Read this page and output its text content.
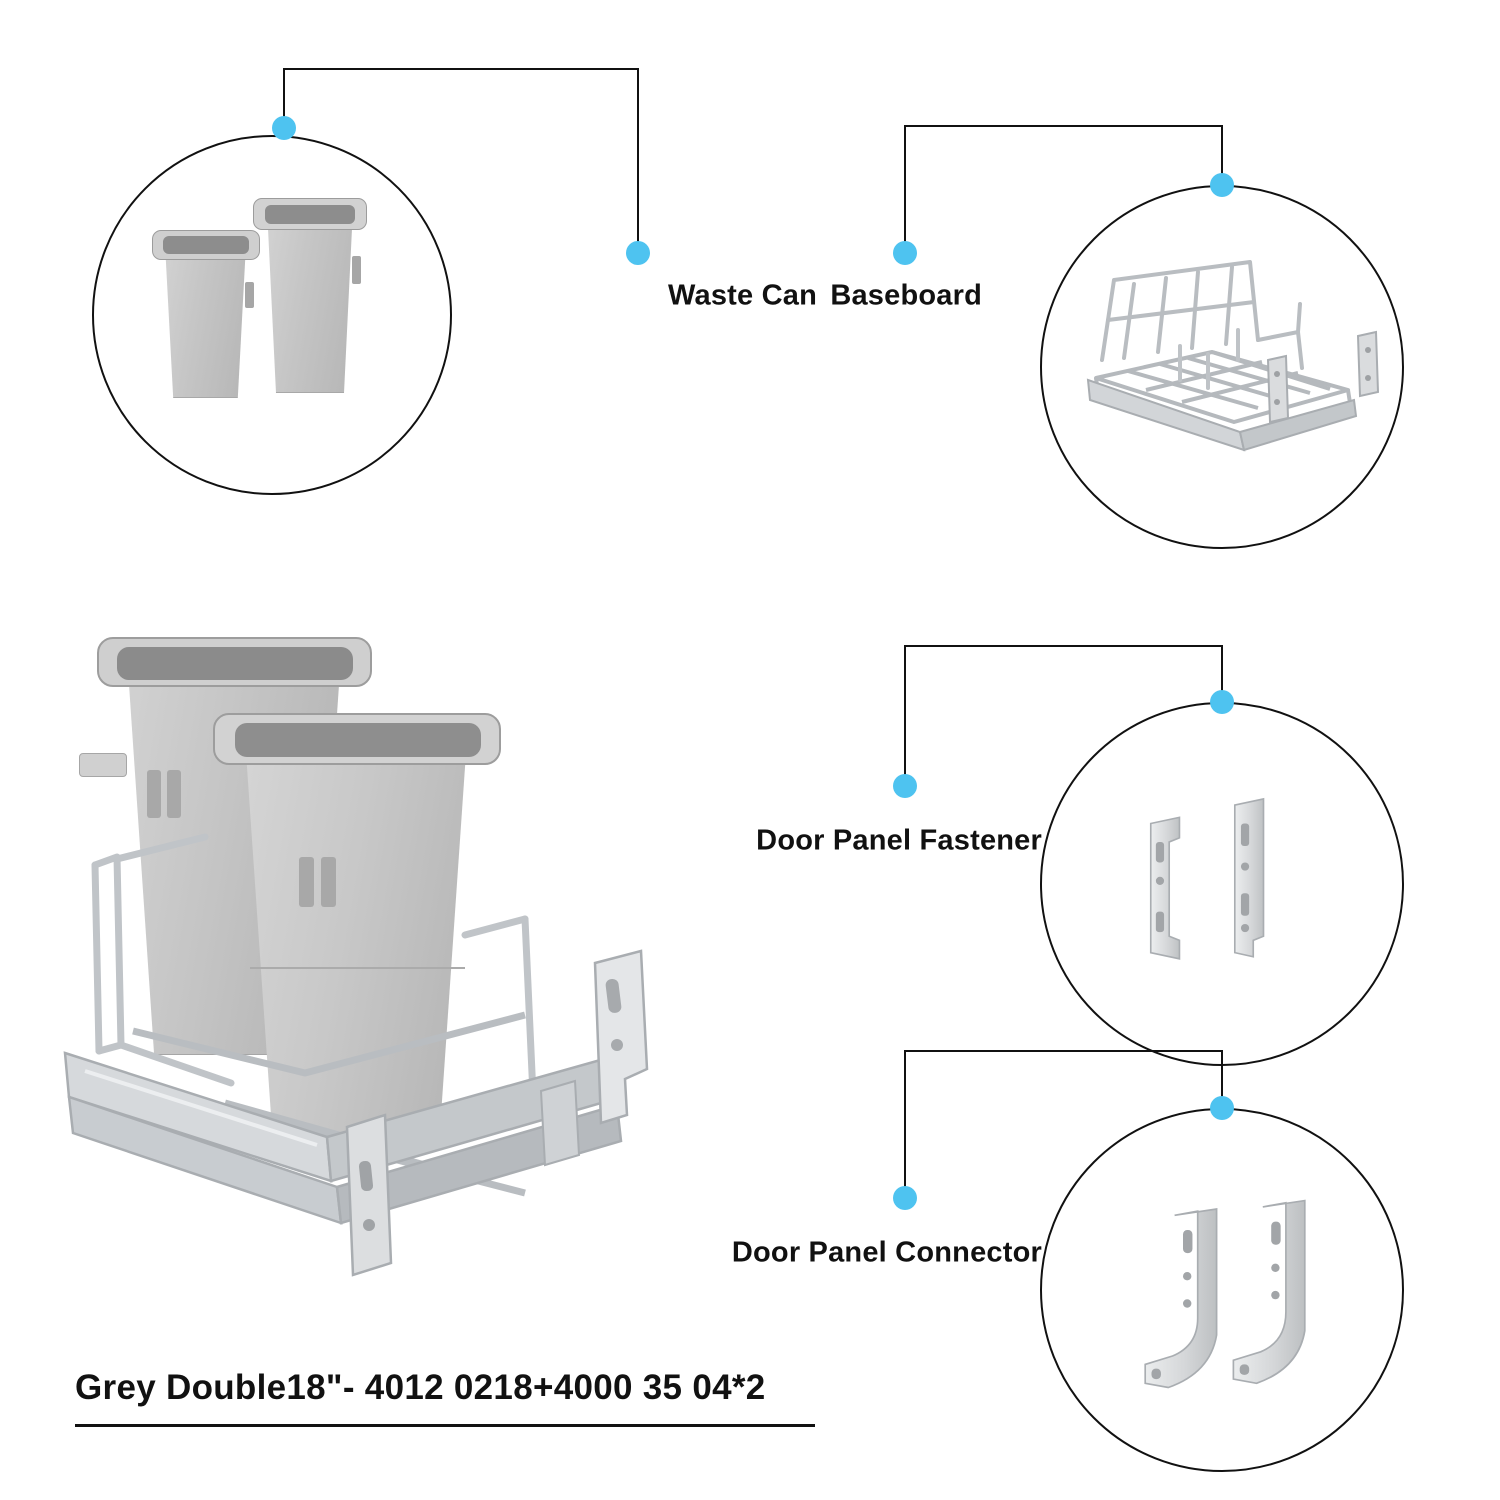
Waste Can Baseboard
Door Panel Fastener
Door Panel Connector
Grey Double18"- 4012 0218+4000 35 04*2
